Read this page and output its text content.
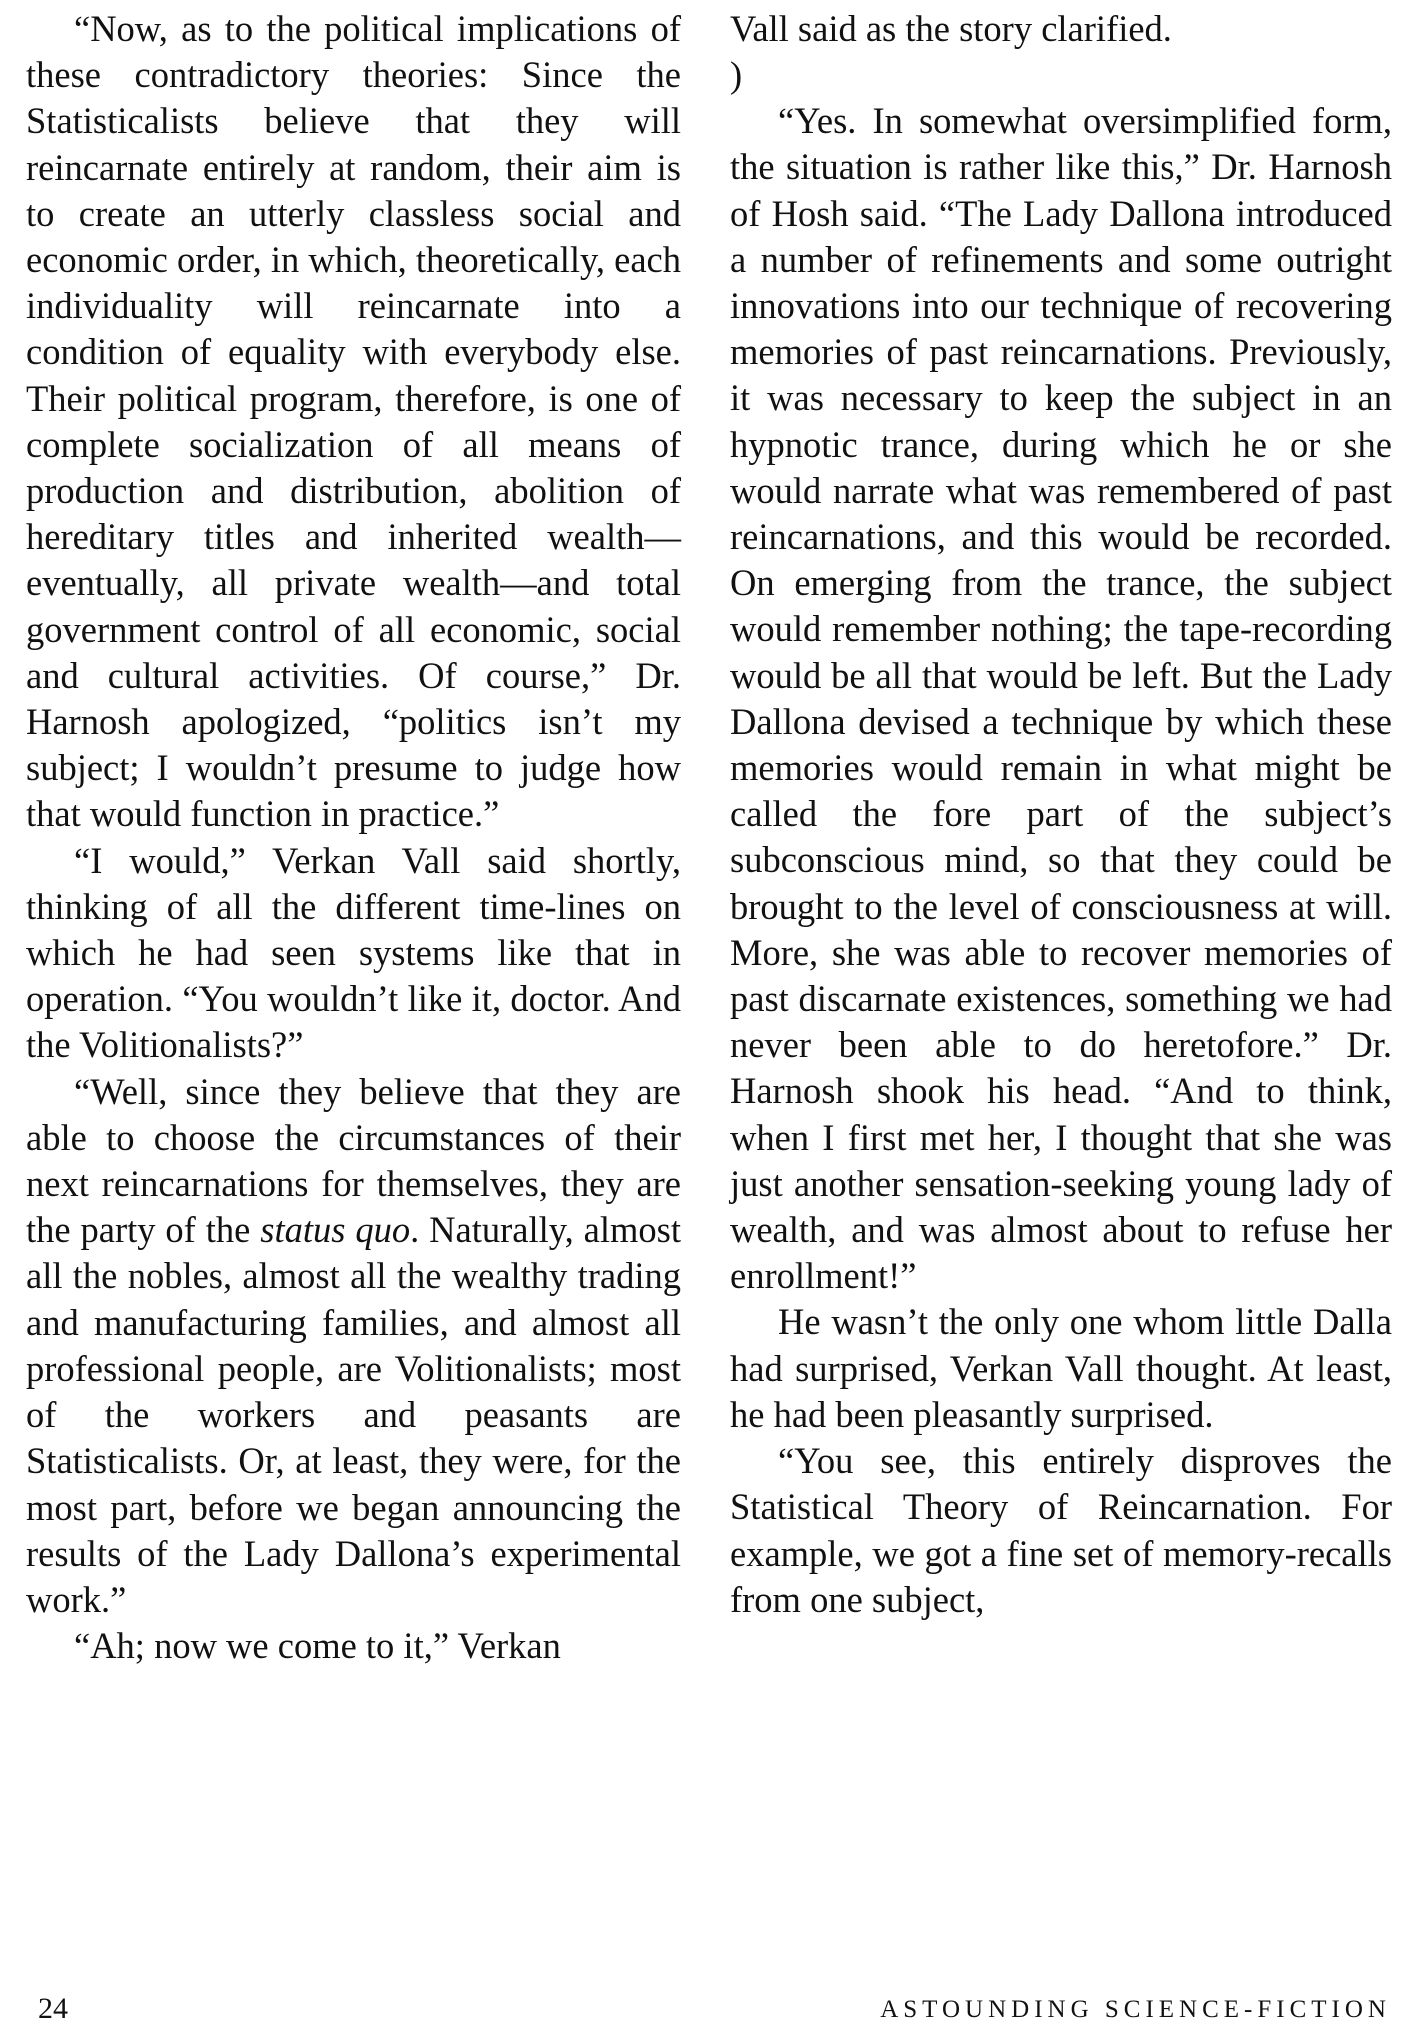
“Now, as to the political implications of these contradictory theories: Since the Statisticalists believe that they will reincarnate entirely at random, their aim is to create an utterly classless social and economic order, in which, theoretically, each individuality will reincarnate into a condition of equality with everybody else. Their political program, therefore, is one of complete socialization of all means of production and distribution, abolition of hereditary titles and inherited wealth—eventually, all private wealth—and total government control of all economic, social and cultural activities. Of course,” Dr. Harnosh apologized, “politics isn’t my subject; I wouldn’t presume to judge how that would function in practice.”

“I would,” Verkan Vall said shortly, thinking of all the different time-lines on which he had seen systems like that in operation. “You wouldn’t like it, doctor. And the Volitionalists?”

“Well, since they believe that they are able to choose the circumstances of their next reincarnations for themselves, they are the party of the status quo. Naturally, almost all the nobles, almost all the wealthy trading and manufacturing families, and almost all professional people, are Volitionalists; most of the workers and peasants are Statisticalists. Or, at least, they were, for the most part, before we began announcing the results of the Lady Dallona’s experimental work.”

“Ah; now we come to it,” Verkan

Vall said as the story clarified.

)

“Yes. In somewhat oversimplified form, the situation is rather like this,” Dr. Harnosh of Hosh said. “The Lady Dallona introduced a number of refinements and some outright innovations into our technique of recovering memories of past reincarnations. Previously, it was necessary to keep the subject in an hypnotic trance, during which he or she would narrate what was remembered of past reincarnations, and this would be recorded. On emerging from the trance, the subject would remember nothing; the tape-recording would be all that would be left. But the Lady Dallona devised a technique by which these memories would remain in what might be called the fore part of the subject’s subconscious mind, so that they could be brought to the level of consciousness at will. More, she was able to recover memories of past discarnate existences, something we had never been able to do heretofore.” Dr. Harnosh shook his head. “And to think, when I first met her, I thought that she was just another sensation-seeking young lady of wealth, and was almost about to refuse her enrollment!”

He wasn’t the only one whom little Dalla had surprised, Verkan Vall thought. At least, he had been pleasantly surprised.

“You see, this entirely disproves the Statistical Theory of Reincarnation. For example, we got a fine set of memory-recalls from one subject,

24	ASTOUNDING SCIENCE-FICTION
